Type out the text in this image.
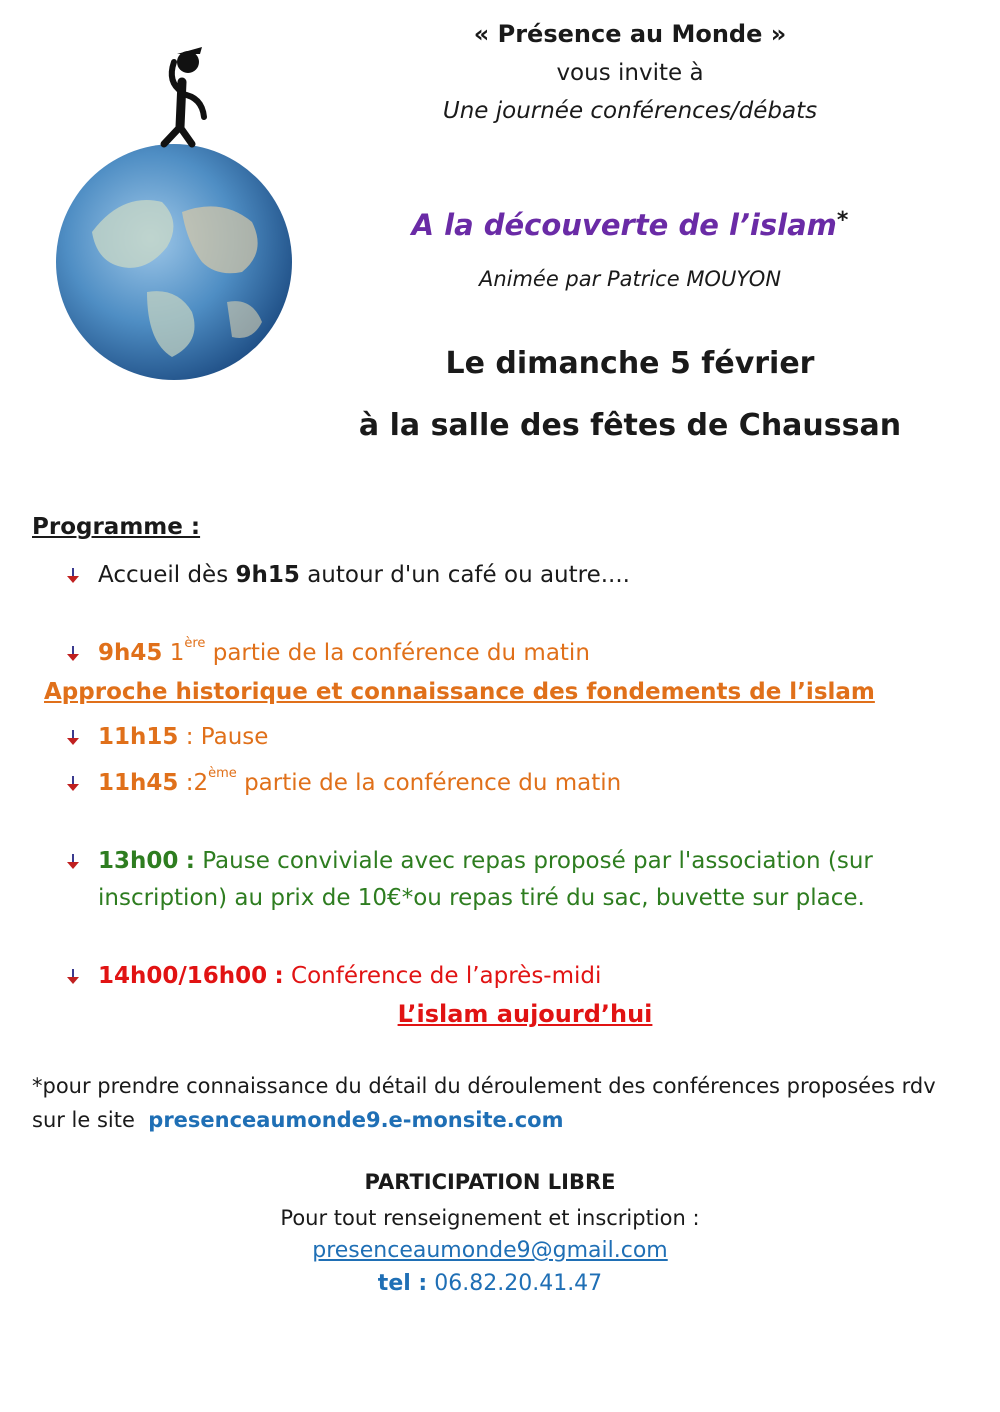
« Présence au Monde »
vous invite à
Une journée conférences/débats
A la découverte de l’islam*
Animée par Patrice MOUYON
Le dimanche 5 février
à la salle des fêtes de Chaussan
Programme :
Accueil dès 9h15 autour d'un café ou autre....
9h45 1ère partie de la conférence du matin
Approche historique et connaissance des fondements de l’islam
11h15 : Pause
11h45 :2ème partie de la conférence du matin
13h00 : Pause conviviale avec repas proposé par l'association (sur
inscription) au prix de 10€*ou repas tiré du sac, buvette sur place.
14h00/16h00 : Conférence de l’après-midi
L’islam aujourd’hui
*pour prendre connaissance du détail du déroulement des conférences proposées rdv
sur le site presenceaumonde9.e-monsite.com
PARTICIPATION LIBRE
Pour tout renseignement et inscription :
presenceaumonde9@gmail.com
tel : 06.82.20.41.47
